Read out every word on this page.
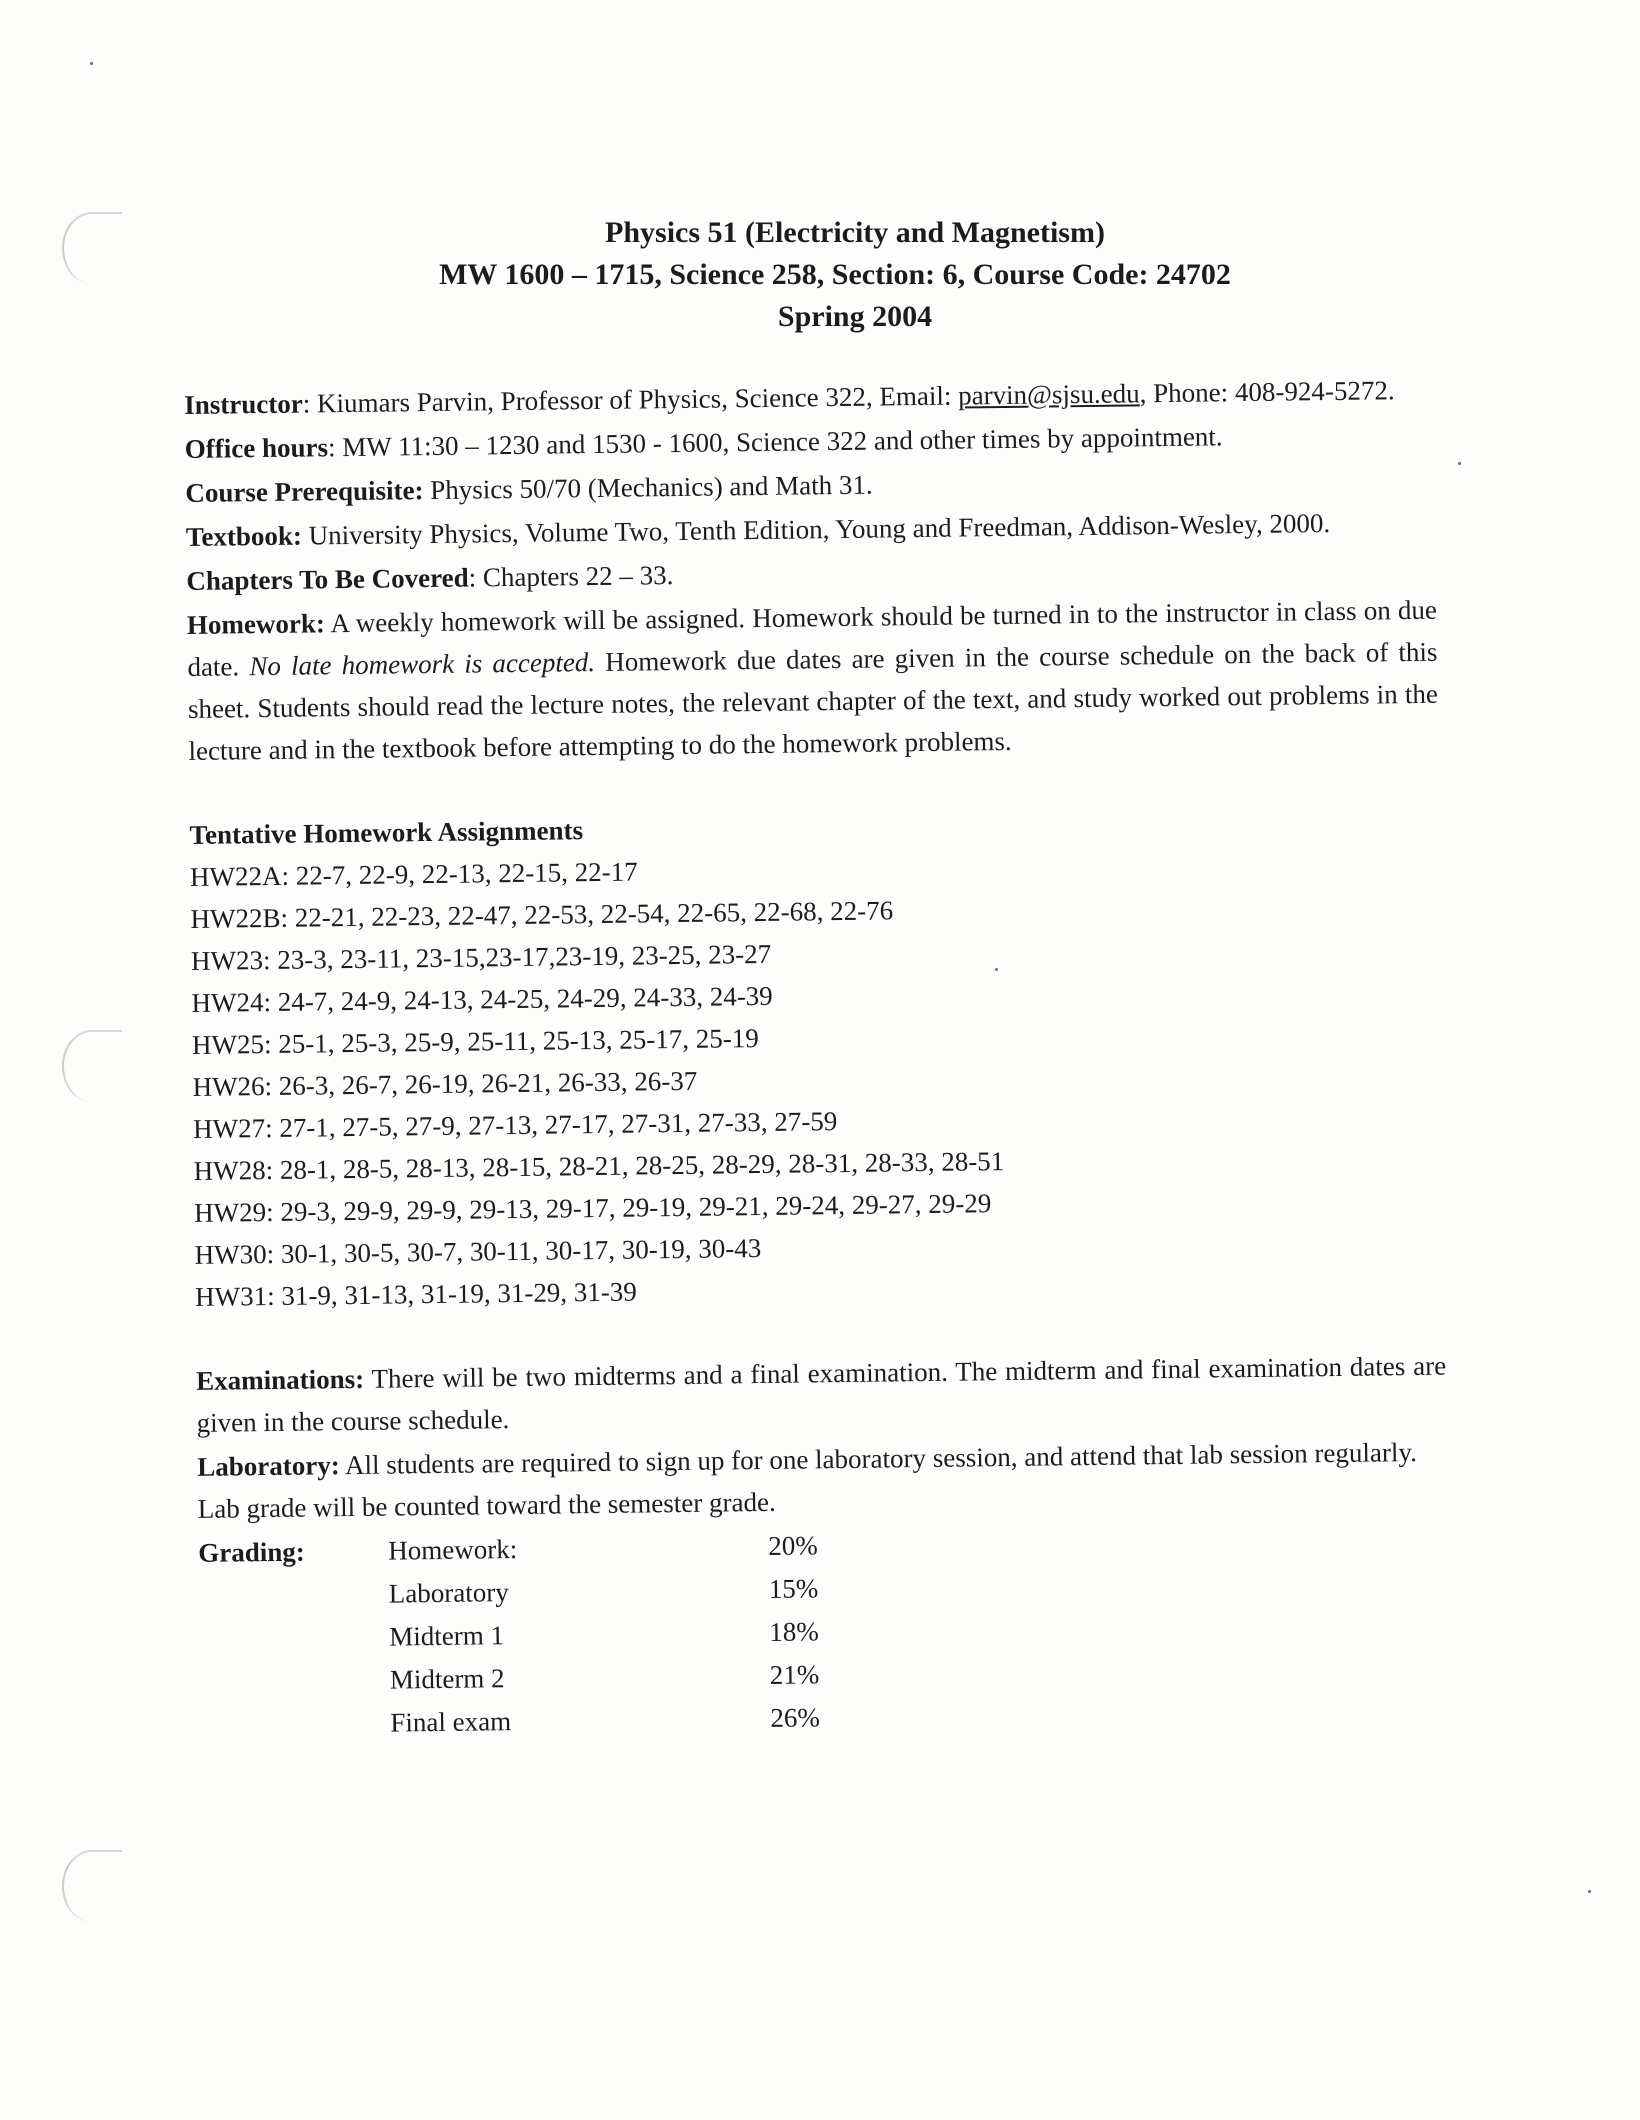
Physics 51 (Electricity and Magnetism)
MW 1600 – 1715, Science 258, Section: 6, Course Code: 24702
Spring 2004
Instructor: Kiumars Parvin, Professor of Physics, Science 322, Email: parvin@sjsu.edu, Phone: 408-924-5272.
Office hours: MW 11:30 – 1230 and 1530 - 1600, Science 322 and other times by appointment.
Course Prerequisite: Physics 50/70 (Mechanics) and Math 31.
Textbook: University Physics, Volume Two, Tenth Edition, Young and Freedman, Addison-Wesley, 2000.
Chapters To Be Covered: Chapters 22 – 33.
Homework: A weekly homework will be assigned. Homework should be turned in to the instructor in class on due date. No late homework is accepted. Homework due dates are given in the course schedule on the back of this sheet. Students should read the lecture notes, the relevant chapter of the text, and study worked out problems in the lecture and in the textbook before attempting to do the homework problems.
Tentative Homework Assignments
HW22A: 22-7, 22-9, 22-13, 22-15, 22-17
HW22B: 22-21, 22-23, 22-47, 22-53, 22-54, 22-65, 22-68, 22-76
HW23: 23-3, 23-11, 23-15,23-17,23-19, 23-25, 23-27
HW24: 24-7, 24-9, 24-13, 24-25, 24-29, 24-33, 24-39
HW25: 25-1, 25-3, 25-9, 25-11, 25-13, 25-17, 25-19
HW26: 26-3, 26-7, 26-19, 26-21, 26-33, 26-37
HW27: 27-1, 27-5, 27-9, 27-13, 27-17, 27-31, 27-33, 27-59
HW28: 28-1, 28-5, 28-13, 28-15, 28-21, 28-25, 28-29, 28-31, 28-33, 28-51
HW29: 29-3, 29-9, 29-9, 29-13, 29-17, 29-19, 29-21, 29-24, 29-27, 29-29
HW30: 30-1, 30-5, 30-7, 30-11, 30-17, 30-19, 30-43
HW31: 31-9, 31-13, 31-19, 31-29, 31-39
Examinations: There will be two midterms and a final examination. The midterm and final examination dates are given in the course schedule.
Laboratory: All students are required to sign up for one laboratory session, and attend that lab session regularly. Lab grade will be counted toward the semester grade.
Grading:	Homework:	20%
Laboratory	15%
Midterm 1	18%
Midterm 2	21%
Final exam	26%
